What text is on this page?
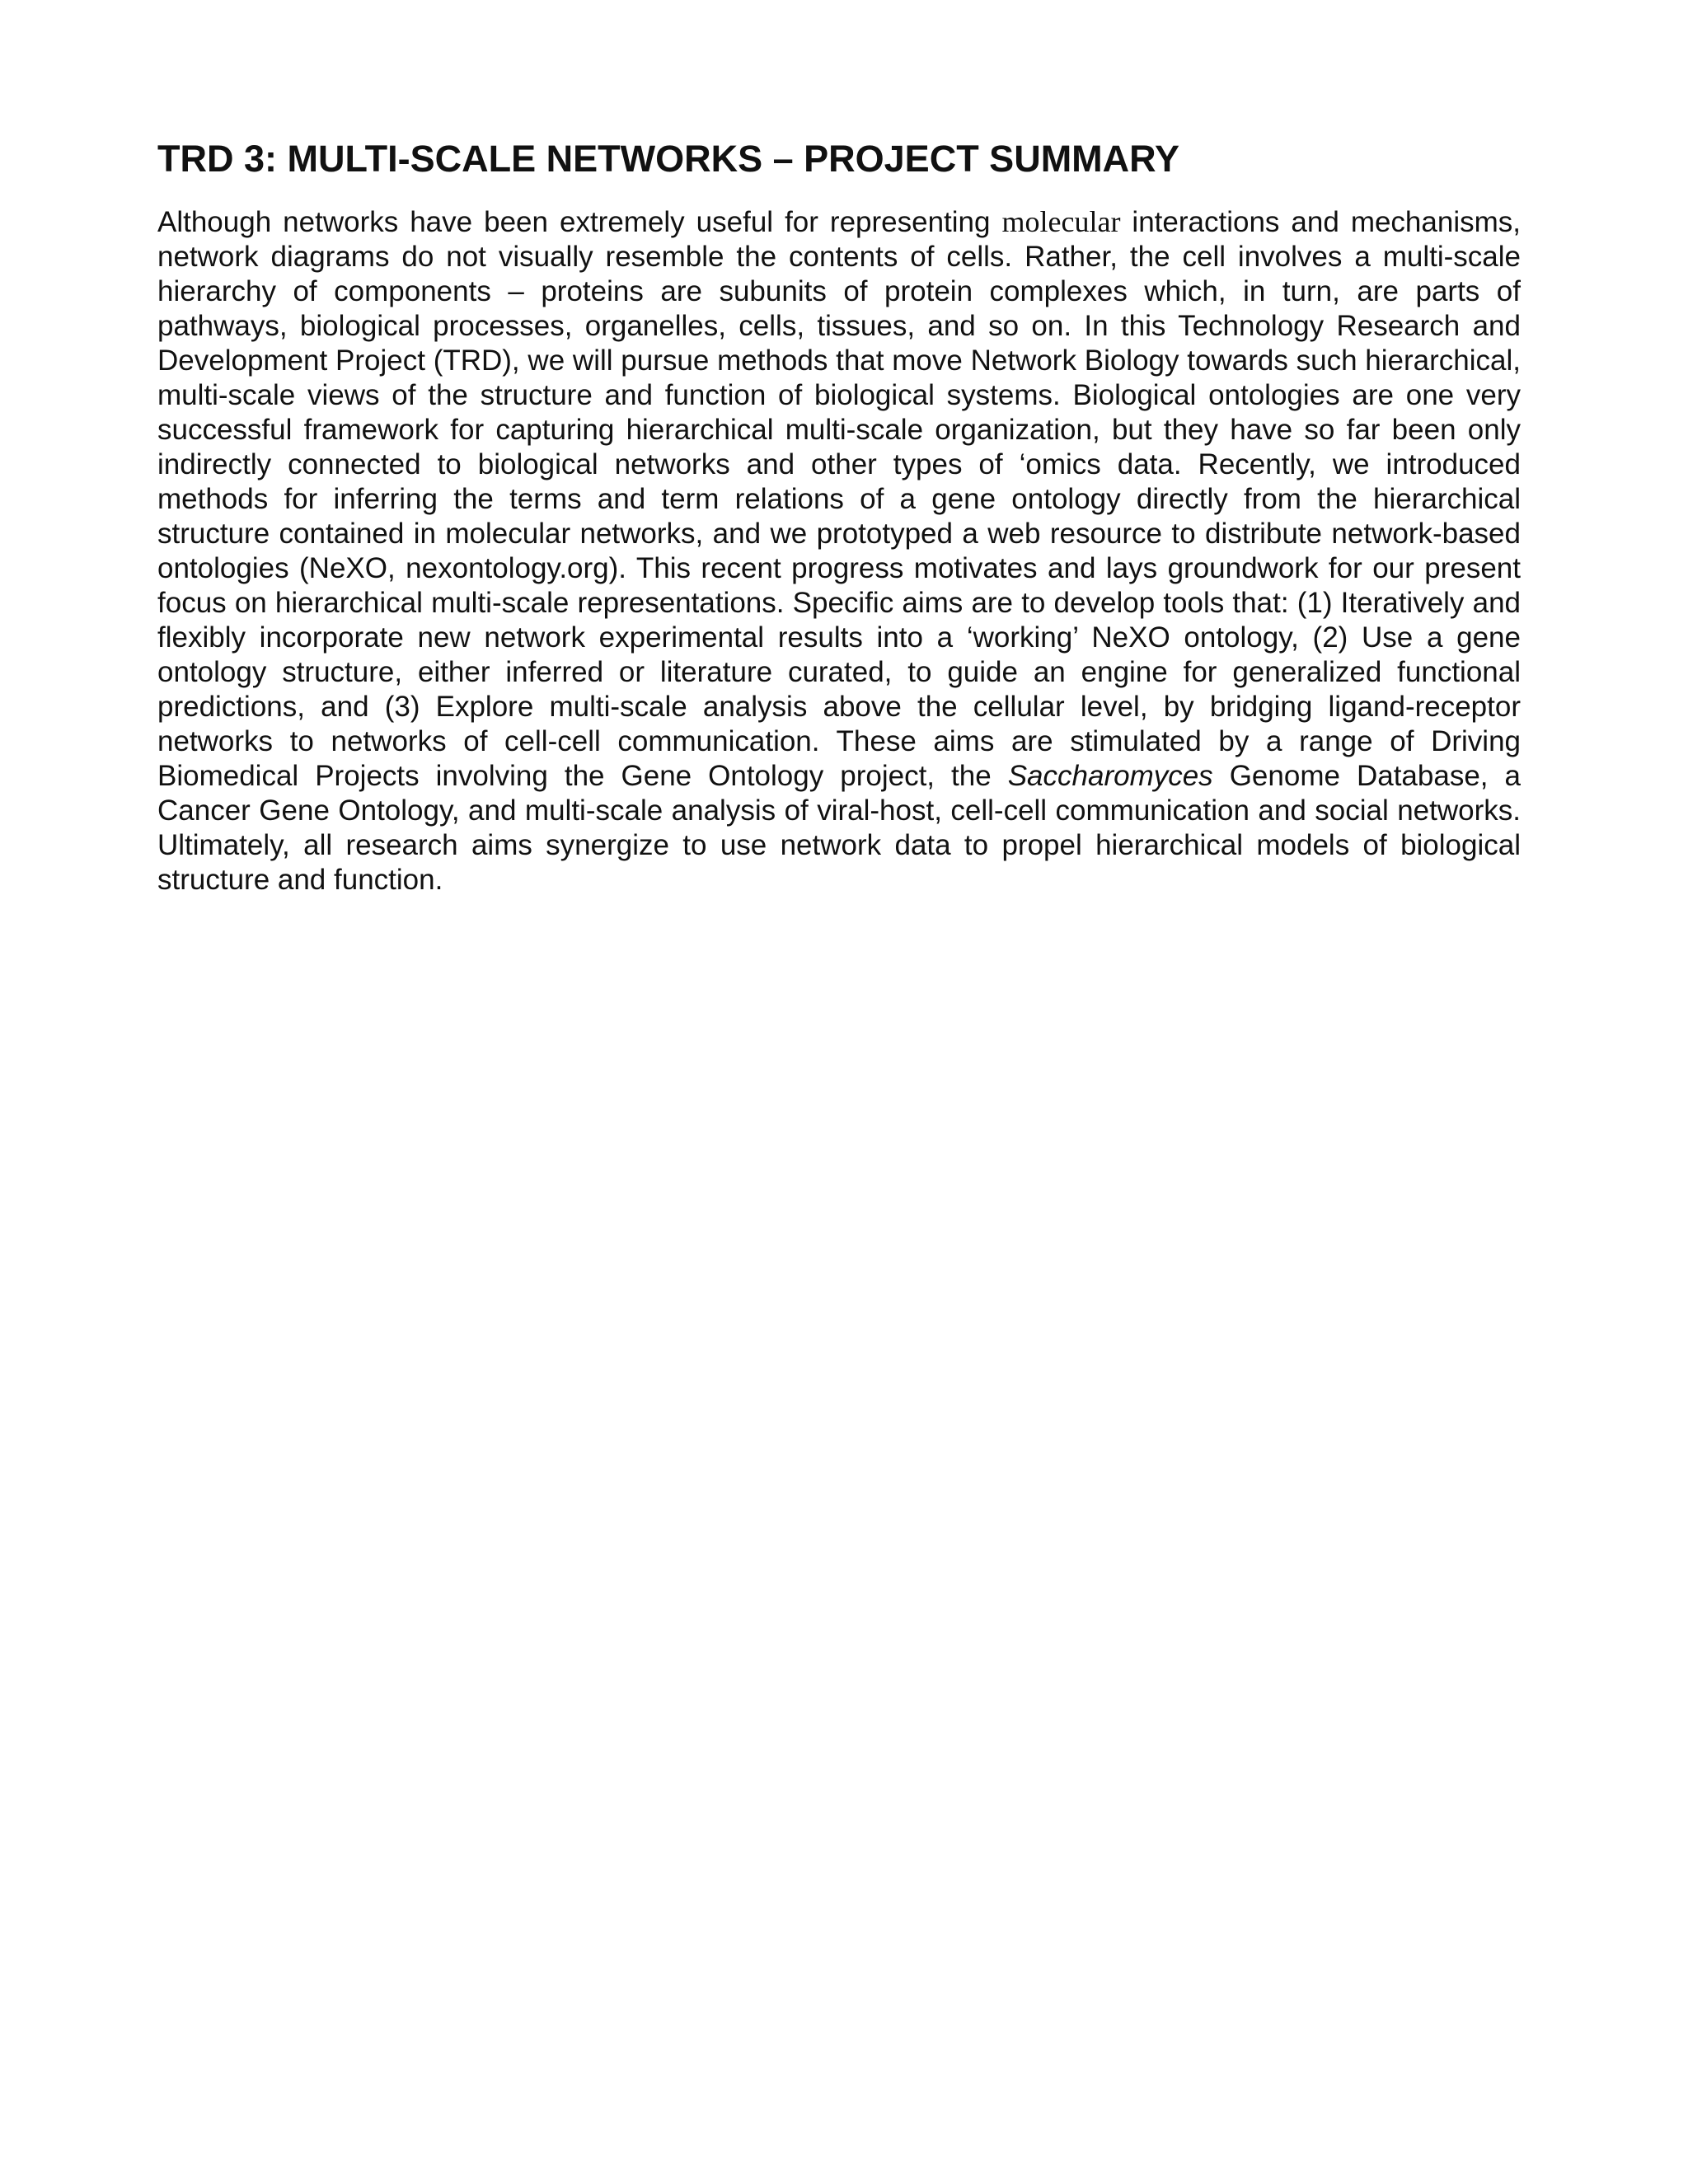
TRD 3: MULTI-SCALE NETWORKS – PROJECT SUMMARY

Although networks have been extremely useful for representing molecular interactions and mechanisms, network diagrams do not visually resemble the contents of cells. Rather, the cell involves a multi-scale hierarchy of components – proteins are subunits of protein complexes which, in turn, are parts of pathways, biological processes, organelles, cells, tissues, and so on. In this Technology Research and Development Project (TRD), we will pursue methods that move Network Biology towards such hierarchical, multi-scale views of the structure and function of biological systems. Biological ontologies are one very successful framework for capturing hierarchical multi-scale organization, but they have so far been only indirectly connected to biological networks and other types of ‘omics data. Recently, we introduced methods for inferring the terms and term relations of a gene ontology directly from the hierarchical structure contained in molecular networks, and we prototyped a web resource to distribute network-based ontologies (NeXO, nexontology.org). This recent progress motivates and lays groundwork for our present focus on hierarchical multi-scale representations. Specific aims are to develop tools that: (1) Iteratively and flexibly incorporate new network experimental results into a ‘working’ NeXO ontology, (2) Use a gene ontology structure, either inferred or literature curated, to guide an engine for generalized functional predictions, and (3) Explore multi-scale analysis above the cellular level, by bridging ligand-receptor networks to networks of cell-cell communication. These aims are stimulated by a range of Driving Biomedical Projects involving the Gene Ontology project, the Saccharomyces Genome Database, a Cancer Gene Ontology, and multi-scale analysis of viral-host, cell-cell communication and social networks. Ultimately, all research aims synergize to use network data to propel hierarchical models of biological structure and function.
